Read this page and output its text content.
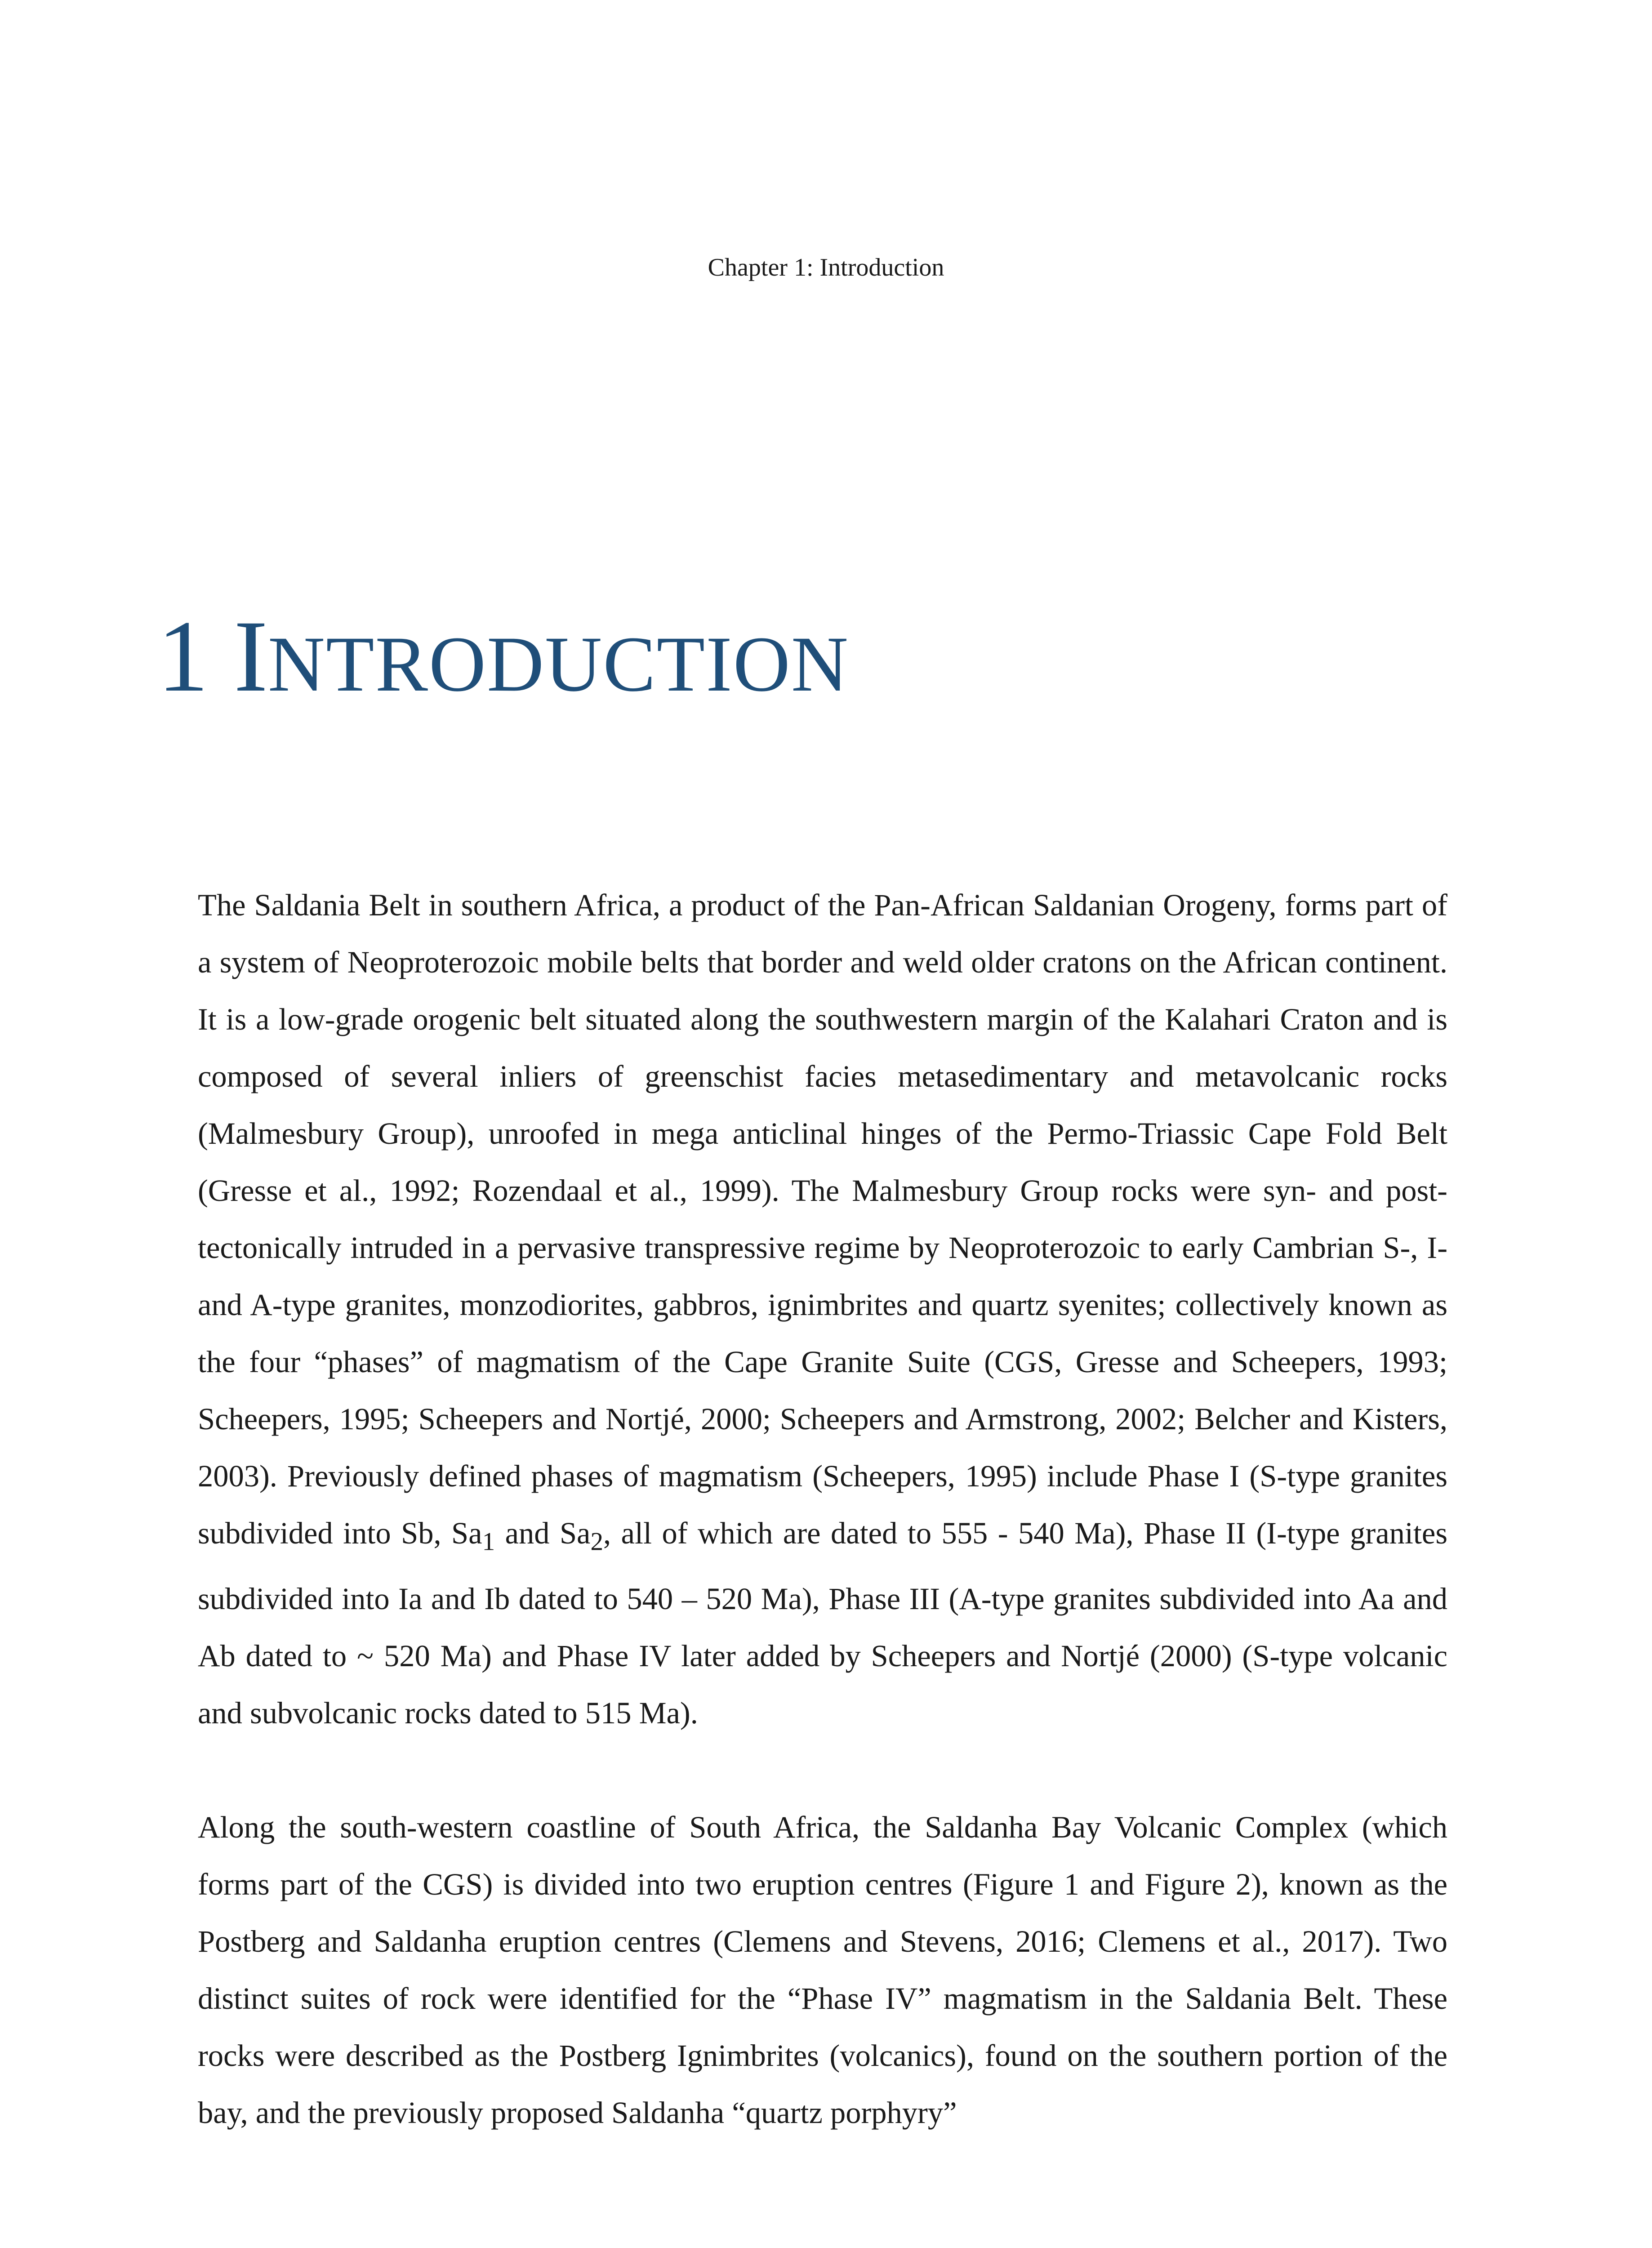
Chapter 1: Introduction
1 INTRODUCTION

The Saldania Belt in southern Africa, a product of the Pan-African Saldanian Orogeny, forms part of a system of Neoproterozoic mobile belts that border and weld older cratons on the African continent. It is a low-grade orogenic belt situated along the southwestern margin of the Kalahari Craton and is composed of several inliers of greenschist facies metasedimentary and metavolcanic rocks (Malmesbury Group), unroofed in mega anticlinal hinges of the Permo-Triassic Cape Fold Belt (Gresse et al., 1992; Rozendaal et al., 1999). The Malmesbury Group rocks were syn- and post-tectonically intruded in a pervasive transpressive regime by Neoproterozoic to early Cambrian S-, I- and A-type granites, monzodiorites, gabbros, ignimbrites and quartz syenites; collectively known as the four “phases” of magmatism of the Cape Granite Suite (CGS, Gresse and Scheepers, 1993; Scheepers, 1995; Scheepers and Nortjé, 2000; Scheepers and Armstrong, 2002; Belcher and Kisters, 2003). Previously defined phases of magmatism (Scheepers, 1995) include Phase I (S-type granites subdivided into Sb, $Sa_1$ and $Sa_2$, all of which are dated to 555 - 540 Ma), Phase II (I-type granites subdivided into Ia and Ib dated to 540 – 520 Ma), Phase III (A-type granites subdivided into Aa and Ab dated to ~ 520 Ma) and Phase IV later added by Scheepers and Nortjé (2000) (S-type volcanic and subvolcanic rocks dated to 515 Ma).

Along the south-western coastline of South Africa, the Saldanha Bay Volcanic Complex (which forms part of the CGS) is divided into two eruption centres (Figure 1 and Figure 2), known as the Postberg and Saldanha eruption centres (Clemens and Stevens, 2016; Clemens et al., 2017). Two distinct suites of rock were identified for the “Phase IV” magmatism in the Saldania Belt. These rocks were described as the Postberg Ignimbrites (volcanics), found on the southern portion of the bay, and the previously proposed Saldanha “quartz porphyry”
